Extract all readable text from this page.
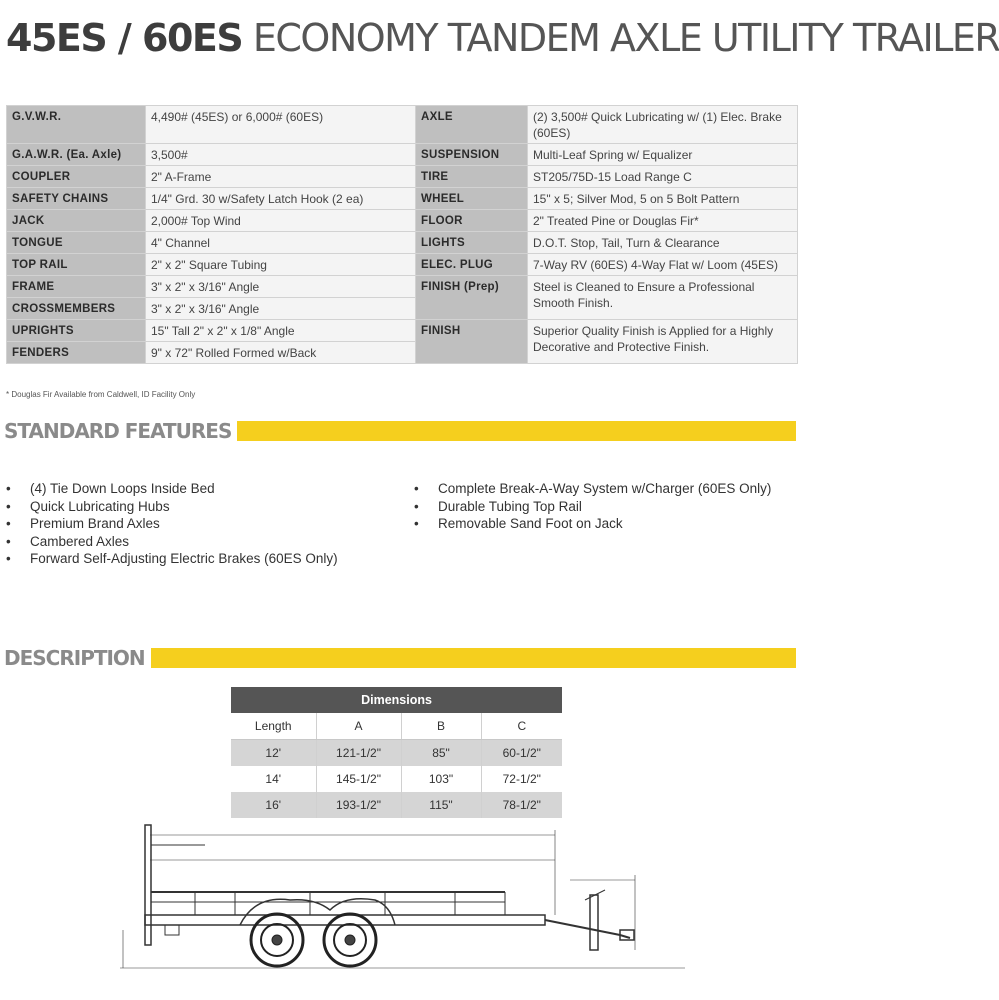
45ES / 60ES ECONOMY TANDEM AXLE UTILITY TRAILER
G.V.W.R.	4,490# (45ES) or 6,000# (60ES)	AXLE	(2) 3,500# Quick Lubricating w/ (1) Elec. Brake (60ES)
G.A.W.R. (Ea. Axle)	3,500#	SUSPENSION	Multi-Leaf Spring w/ Equalizer
COUPLER	2" A-Frame	TIRE	ST205/75D-15 Load Range C
SAFETY CHAINS	1/4" Grd. 30 w/Safety Latch Hook (2 ea)	WHEEL	15" x 5; Silver Mod, 5 on 5 Bolt Pattern
JACK	2,000# Top Wind	FLOOR	2" Treated Pine or Douglas Fir*
TONGUE	4" Channel	LIGHTS	D.O.T. Stop, Tail, Turn & Clearance
TOP RAIL	2" x 2" Square Tubing	ELEC. PLUG	7-Way RV (60ES) 4-Way Flat w/ Loom (45ES)
FRAME	3" x 2" x 3/16" Angle	FINISH (Prep)	Steel is Cleaned to Ensure a Professional Smooth Finish.
CROSSMEMBERS	3" x 2" x 3/16" Angle		
UPRIGHTS	15" Tall 2" x 2" x 1/8" Angle	FINISH	Superior Quality Finish is Applied for a Highly Decorative and Protective Finish.
FENDERS	9" x 72" Rolled Formed w/Back		
* Douglas Fir Available from Caldwell, ID Facility Only
STANDARD FEATURES
• (4) Tie Down Loops Inside Bed
• Quick Lubricating Hubs
• Premium Brand Axles
• Cambered Axles
• Forward Self-Adjusting Electric Brakes (60ES Only)
• Complete Break-A-Way System w/Charger (60ES Only)
• Durable Tubing Top Rail
• Removable Sand Foot on Jack
DESCRIPTION
Dimensions			
Length	A	B	C
12'	121-1/2"	85"	60-1/2"
14'	145-1/2"	103"	72-1/2"
16'	193-1/2"	115"	78-1/2"
